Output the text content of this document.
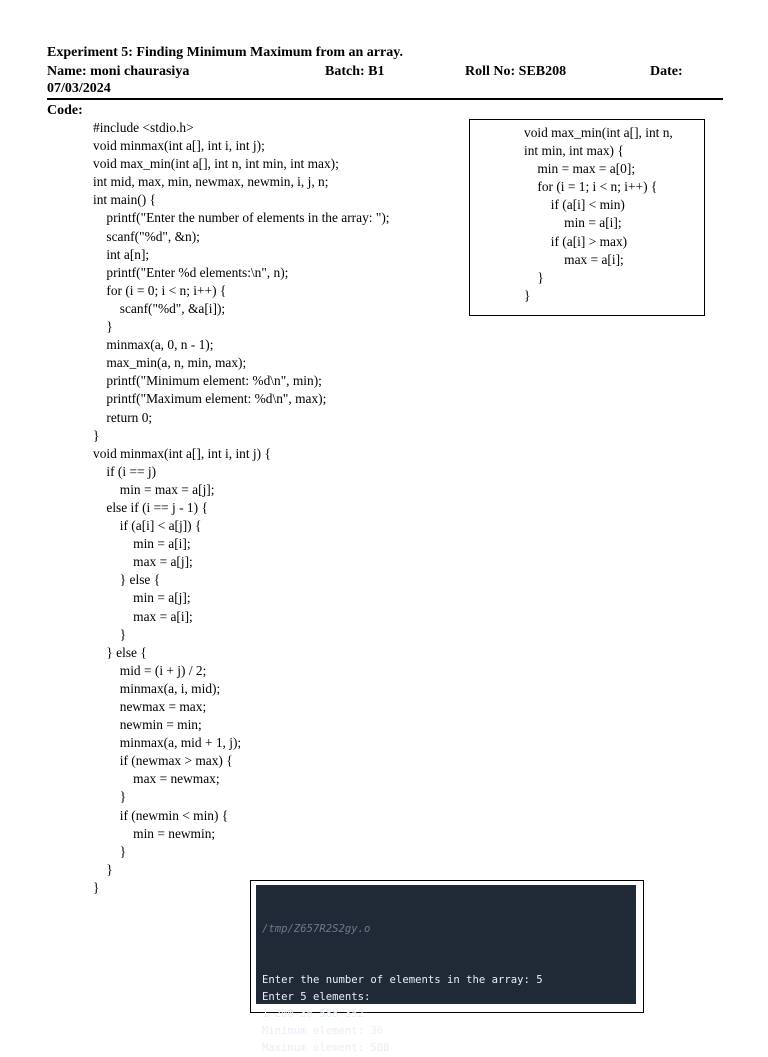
Experiment 5: Finding Minimum Maximum from an array.
Name: moni chaurasiya	Batch: B1	Roll No: SEB208	Date:
07/03/2024
Code:
#include <stdio.h>
void minmax(int a[], int i, int j);
void max_min(int a[], int n, int min, int max);
int mid, max, min, newmax, newmin, i, j, n;
int main() {
printf("Enter the number of elements in the array: ");
scanf("%d", &n);
int a[n];
printf("Enter %d elements:\n", n);
for (i = 0; i < n; i++) {
scanf("%d", &a[i]);
}
minmax(a, 0, n - 1);
max_min(a, n, min, max);
printf("Minimum element: %d\n", min);
printf("Maximum element: %d\n", max);
return 0;
}
void minmax(int a[], int i, int j) {
if (i == j)
min = max = a[j];
else if (i == j - 1) {
if (a[i] < a[j]) {
min = a[i];
max = a[j];
} else {
min = a[j];
max = a[i];
}
} else {
mid = (i + j) / 2;
minmax(a, i, mid);
newmax = max;
newmin = min;
minmax(a, mid + 1, j);
if (newmax > max) {
max = newmax;
}
if (newmin < min) {
min = newmin;
}
}
}
void max_min(int a[], int n,
int min, int max) {
min = max = a[0];
for (i = 1; i < n; i++) {
if (a[i] < min)
min = a[i];
if (a[i] > max)
max = a[i];
}
}

/tmp/Z657R2S2gy.o

Enter the number of elements in the array: 5
Enter 5 elements:
1 200 36 588 352
Minimum element: 36
Maximum element: 588
